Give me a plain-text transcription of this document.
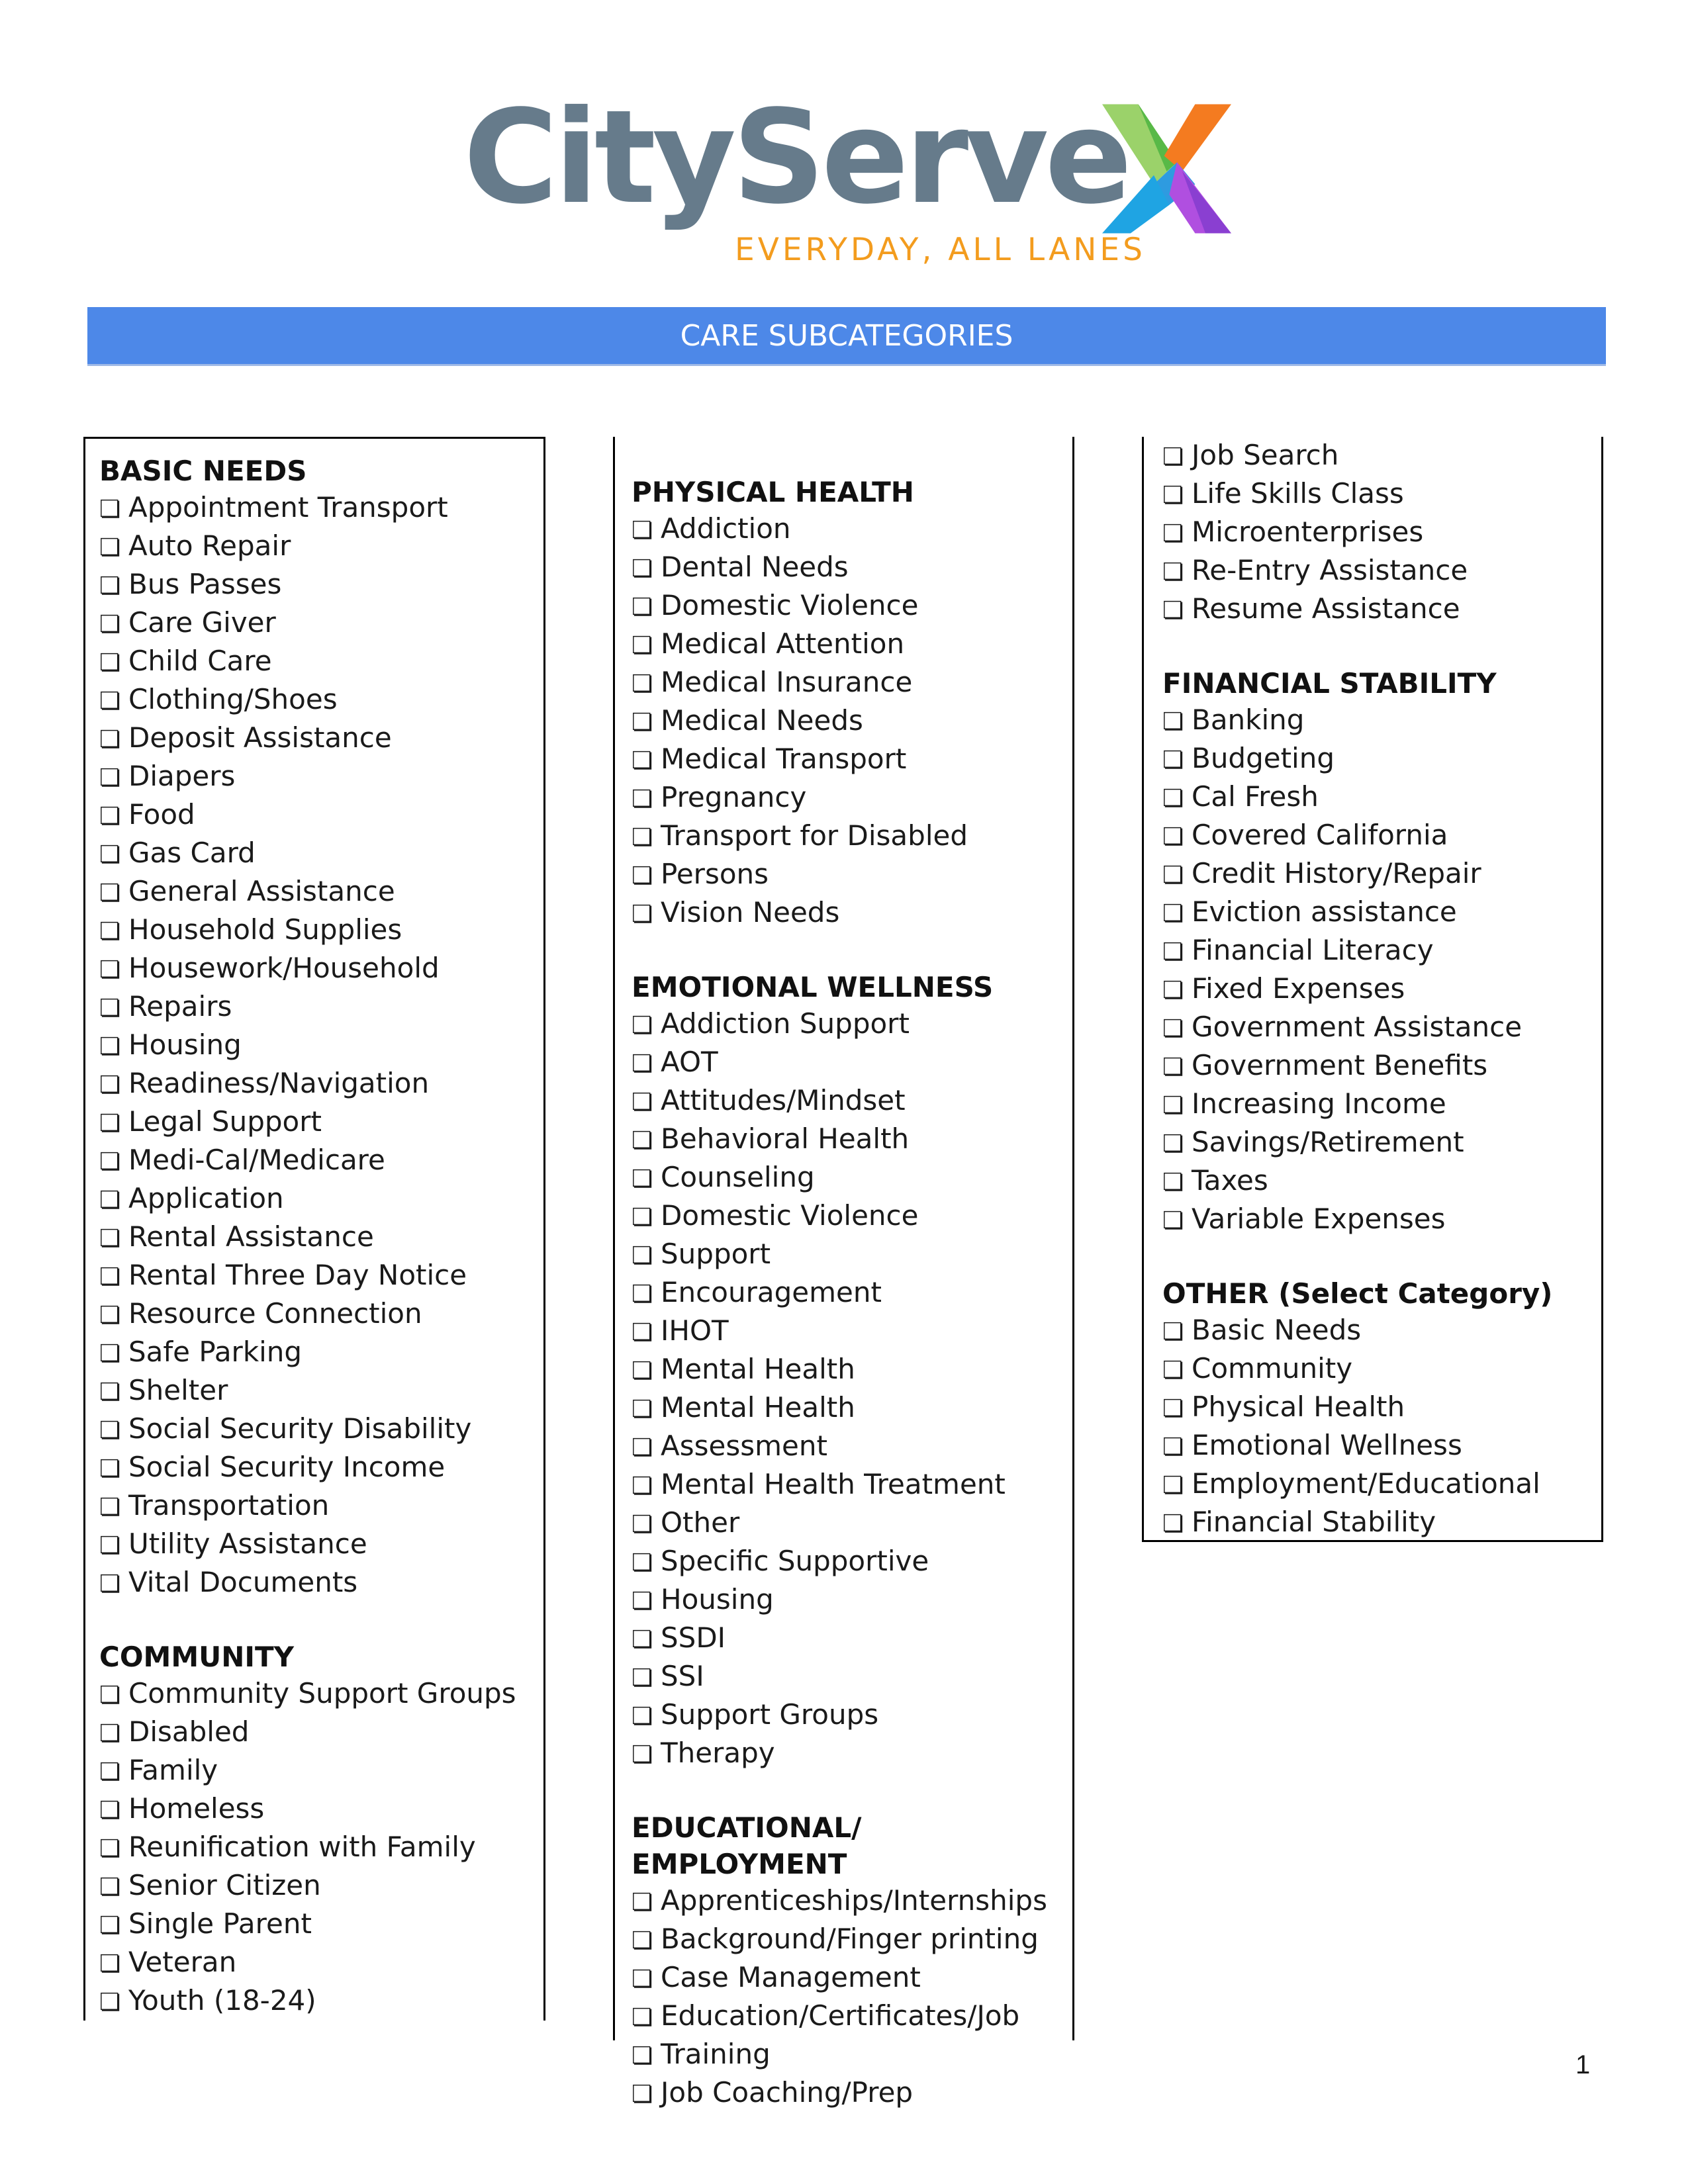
CityServe
EVERYDAY, ALL LANES
CARE SUBCATEGORIES
BASIC NEEDS
❏ Appointment Transport
❏ Auto Repair
❏ Bus Passes
❏ Care Giver
❏ Child Care
❏ Clothing/Shoes
❏ Deposit Assistance
❏ Diapers
❏ Food
❏ Gas Card
❏ General Assistance
❏ Household Supplies
❏ Housework/Household
❏ Repairs
❏ Housing
❏ Readiness/Navigation
❏ Legal Support
❏ Medi-Cal/Medicare
❏ Application
❏ Rental Assistance
❏ Rental Three Day Notice
❏ Resource Connection
❏ Safe Parking
❏ Shelter
❏ Social Security Disability
❏ Social Security Income
❏ Transportation
❏ Utility Assistance
❏ Vital Documents
COMMUNITY
❏ Community Support Groups
❏ Disabled
❏ Family
❏ Homeless
❏ Reunification with Family
❏ Senior Citizen
❏ Single Parent
❏ Veteran
❏ Youth (18-24)
PHYSICAL HEALTH
❏ Addiction
❏ Dental Needs
❏ Domestic Violence
❏ Medical Attention
❏ Medical Insurance
❏ Medical Needs
❏ Medical Transport
❏ Pregnancy
❏ Transport for Disabled
❏ Persons
❏ Vision Needs
EMOTIONAL WELLNESS
❏ Addiction Support
❏ AOT
❏ Attitudes/Mindset
❏ Behavioral Health
❏ Counseling
❏ Domestic Violence
❏ Support
❏ Encouragement
❏ IHOT
❏ Mental Health
❏ Mental Health
❏ Assessment
❏ Mental Health Treatment
❏ Other
❏ Specific Supportive
❏ Housing
❏ SSDI
❏ SSI
❏ Support Groups
❏ Therapy
EDUCATIONAL/
EMPLOYMENT
❏ Apprenticeships/Internships
❏ Background/Finger printing
❏ Case Management
❏ Education/Certificates/Job
❏ Training
❏ Job Coaching/Prep
❏ Job Search
❏ Life Skills Class
❏ Microenterprises
❏ Re-Entry Assistance
❏ Resume Assistance
FINANCIAL STABILITY
❏ Banking
❏ Budgeting
❏ Cal Fresh
❏ Covered California
❏ Credit History/Repair
❏ Eviction assistance
❏ Financial Literacy
❏ Fixed Expenses
❏ Government Assistance
❏ Government Benefits
❏ Increasing Income
❏ Savings/Retirement
❏ Taxes
❏ Variable Expenses
OTHER (Select Category)
❏ Basic Needs
❏ Community
❏ Physical Health
❏ Emotional Wellness
❏ Employment/Educational
❏ Financial Stability
1
